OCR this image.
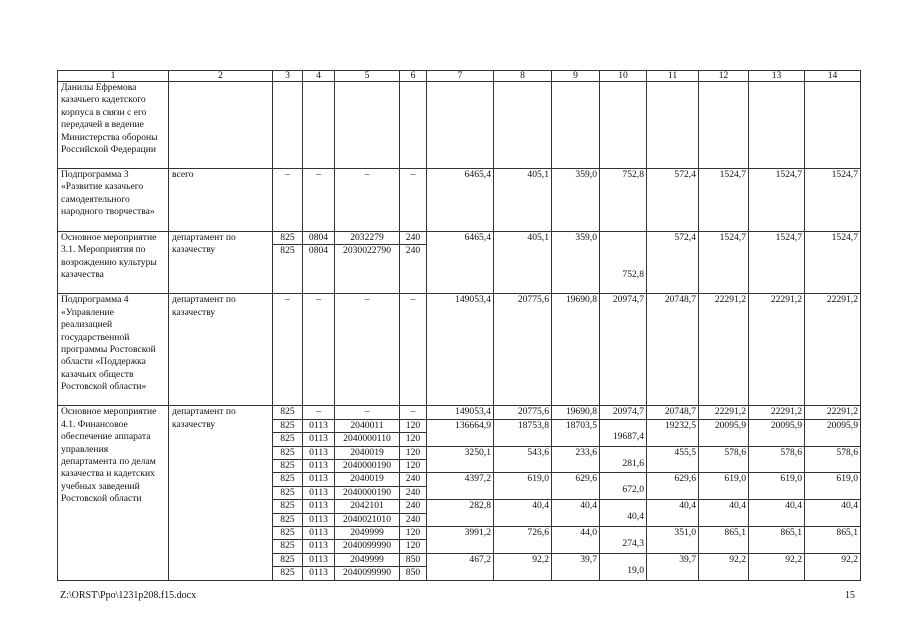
1	2	3	4	5	6	7	8	9	10	11	12	13	14
Данилы Ефремова казачьего кадетского корпуса в связи с его передачей в ведение Министерства обороны Российской Федерации													
Подпрограмма 3 «Развитие казачьего самодеятельного народного творчества»	всего	–	–	–	–	6465,4	405,1	359,0	752,8	572,4	1524,7	1524,7	1524,7
Основное мероприятие 3.1. Мероприятия по возрождению культуры казачества	департамент по казачеству	825	0804	2032279	240	6465,4	405,1	359,0	752,8	572,4	1524,7	1524,7	1524,7
		825	0804	2030022790	240								
Подпрограмма 4 «Управление реализацией государственной программы Ростовской области «Поддержка казачьих обществ Ростовской области»	департамент по казачеству	–	–	–	–	149053,4	20775,6	19690,8	20974,7	20748,7	22291,2	22291,2	22291,2
Основное мероприятие 4.1. Финансовое обеспечение аппарата управления департамента по делам казачества и кадетских учебных заведений Ростовской области	департамент по казачеству	825	–	–	–	149053,4	20775,6	19690,8	20974,7	20748,7	22291,2	22291,2	22291,2
		825	0113	2040011	120	136664,9	18753,8	18703,5	19687,4	19232,5	20095,9	20095,9	20095,9
		825	0113	2040000110	120								
		825	0113	2040019	120	3250,1	543,6	233,6	281,6	455,5	578,6	578,6	578,6
		825	0113	2040000190	120								
		825	0113	2040019	240	4397,2	619,0	629,6	672,0	629,6	619,0	619,0	619,0
		825	0113	2040000190	240								
		825	0113	2042101	240	282,8	40,4	40,4	40,4	40,4	40,4	40,4	40,4
		825	0113	2040021010	240								
		825	0113	2049999	120	3991,2	726,6	44,0	274,3	351,0	865,1	865,1	865,1
		825	0113	2040099990	120								
		825	0113	2049999	850	467,2	92,2	39,7	19,0	39,7	92,2	92,2	92,2
		825	0113	2040099990	850								
Z:\ORST\Ppo\1231p208.f15.docx	15
